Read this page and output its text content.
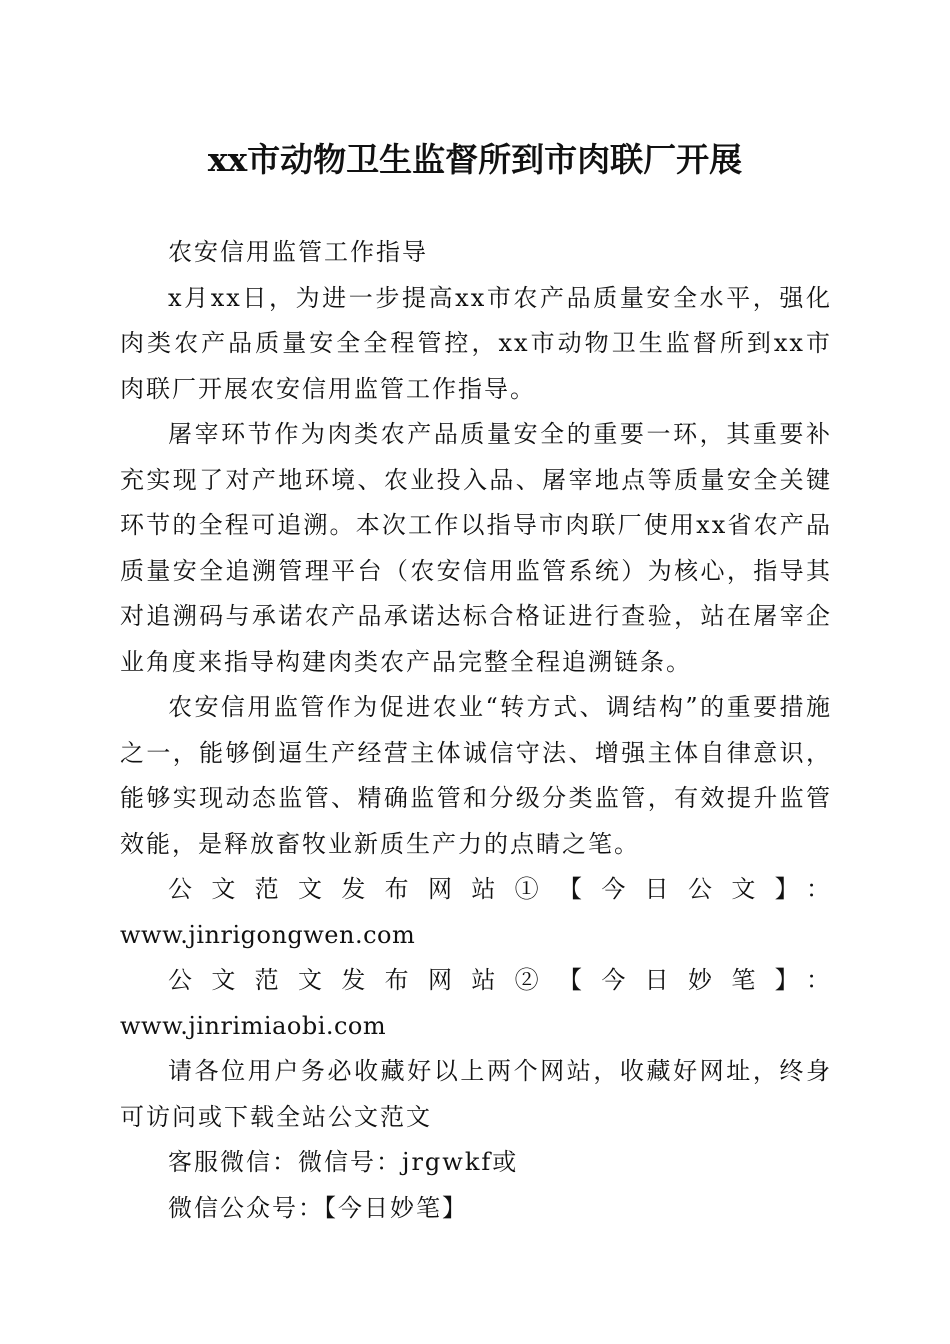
xx市动物卫生监督所到市肉联厂开展

农安信用监管工作指导

x月xx日，为进一步提高xx市农产品质量安全水平，强化肉类农产品质量安全全程管控，xx市动物卫生监督所到xx市肉联厂开展农安信用监管工作指导。

屠宰环节作为肉类农产品质量安全的重要一环，其重要补充实现了对产地环境、农业投入品、屠宰地点等质量安全关键环节的全程可追溯。本次工作以指导市肉联厂使用xx省农产品质量安全追溯管理平台（农安信用监管系统）为核心，指导其对追溯码与承诺农产品承诺达标合格证进行查验，站在屠宰企业角度来指导构建肉类农产品完整全程追溯链条。

农安信用监管作为促进农业“转方式、调结构”的重要措施之一，能够倒逼生产经营主体诚信守法、增强主体自律意识，能够实现动态监管、精确监管和分级分类监管，有效提升监管效能，是释放畜牧业新质生产力的点睛之笔。

公文范文发布网站①【今日公文】：

www.jinrigongwen.com

公文范文发布网站②【今日妙笔】：www.jinrimiaobi.com

请各位用户务必收藏好以上两个网站，收藏好网址，终身可访问或下载全站公文范文

客服微信：微信号：jrgwkf或

微信公众号：【今日妙笔】
